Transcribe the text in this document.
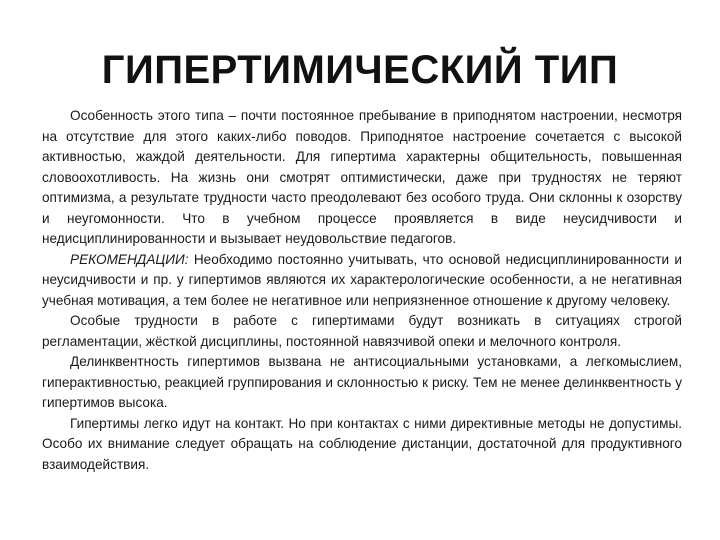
ГИПЕРТИМИЧЕСКИЙ ТИП

Особенность этого типа – почти постоянное пребывание в приподнятом настроении, несмотря на отсутствие для этого каких-либо поводов. Приподнятое настроение сочетается с высокой активностью, жаждой деятельности. Для гипертима характерны общительность, повышенная словоохотливость. На жизнь они смотрят оптимистически, даже при трудностях не теряют оптимизма, а результате трудности часто преодолевают без особого труда. Они склонны к озорству и неугомонности. Что в учебном процессе проявляется в виде неусидчивости и недисциплинированности и вызывает неудовольствие педагогов.

РЕКОМЕНДАЦИИ: Необходимо постоянно учитывать, что основой недисциплинированности и неусидчивости и пр. у гипертимов являются их характерологические особенности, а не негативная учебная мотивация, а тем более не негативное или неприязненное отношение к другому человеку.

Особые трудности в работе с гипертимами будут возникать в ситуациях строгой регламентации, жёсткой дисциплины, постоянной навязчивой опеки и мелочного контроля.

Делинквентность гипертимов вызвана не антисоциальными установками, а легкомыслием, гиперактивностью, реакцией группирования и склонностью к риску. Тем не менее делинквентность у гипертимов высока.

Гипертимы легко идут на контакт. Но при контактах с ними директивные методы не допустимы. Особо их внимание следует обращать на соблюдение дистанции, достаточной для продуктивного взаимодействия.
